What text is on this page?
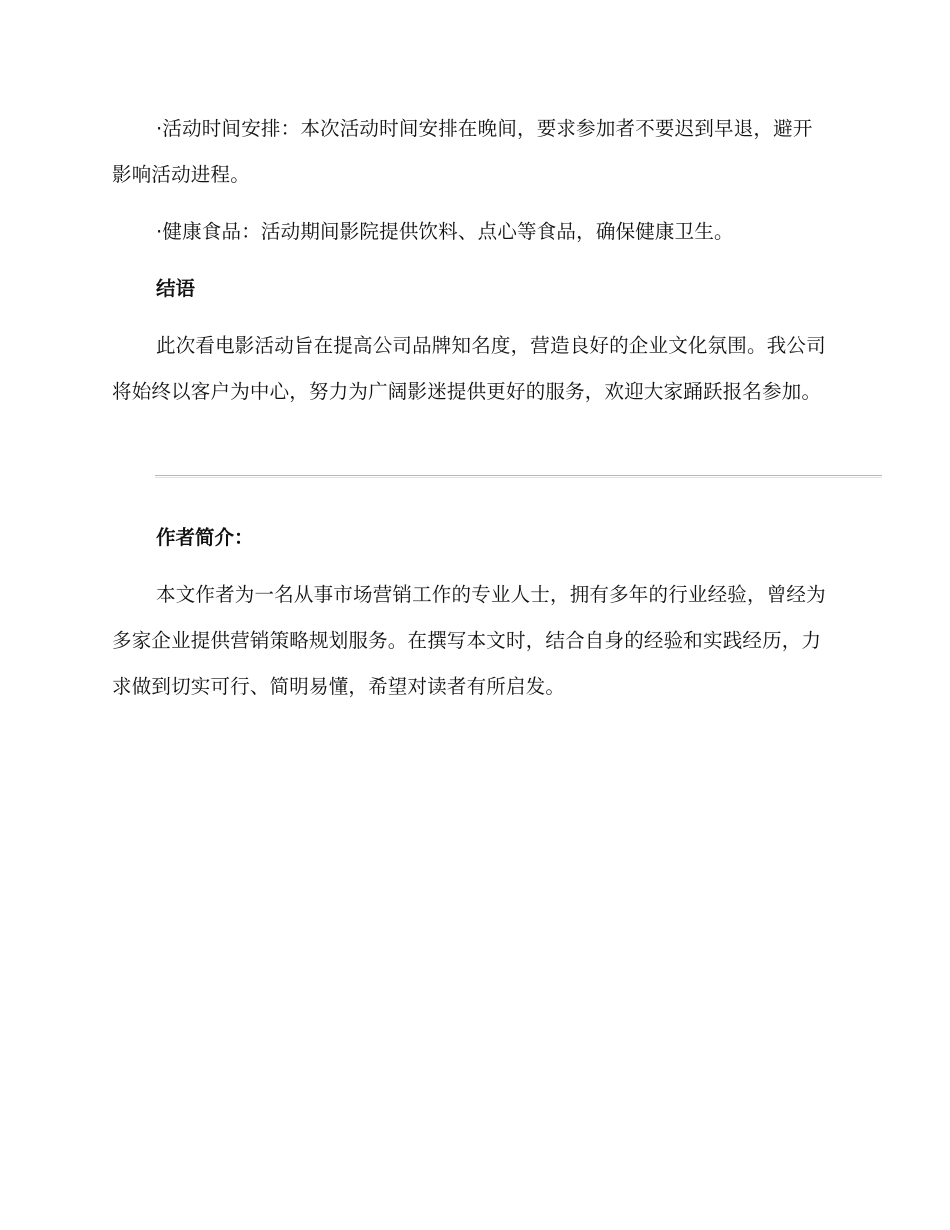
·活动时间安排：本次活动时间安排在晚间，要求参加者不要迟到早退，避开影响活动进程。

·健康食品：活动期间影院提供饮料、点心等食品，确保健康卫生。

结语

此次看电影活动旨在提高公司品牌知名度，营造良好的企业文化氛围。我公司将始终以客户为中心，努力为广阔影迷提供更好的服务，欢迎大家踊跃报名参加。

作者简介：

本文作者为一名从事市场营销工作的专业人士，拥有多年的行业经验，曾经为多家企业提供营销策略规划服务。在撰写本文时，结合自身的经验和实践经历，力求做到切实可行、简明易懂，希望对读者有所启发。
